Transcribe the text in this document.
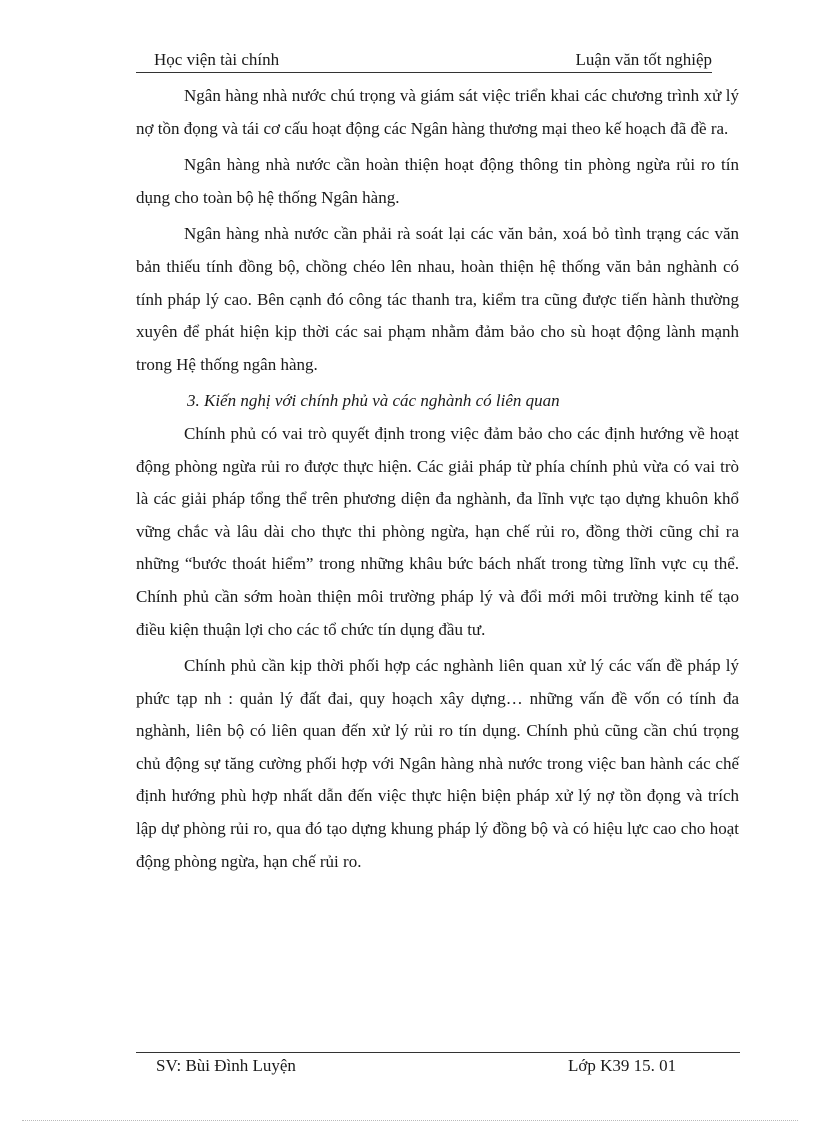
Học viện tài chính	Luận văn tốt nghiệp

Ngân hàng nhà nước chú trọng và giám sát việc triển khai các chương trình xử lý nợ tồn đọng và tái cơ cấu hoạt động các Ngân hàng thương mại theo kế hoạch đã đề ra.

Ngân hàng nhà nước cần hoàn thiện hoạt động thông tin phòng ngừa rủi ro tín dụng cho toàn bộ hệ thống Ngân hàng.

Ngân hàng nhà nước cần phải rà soát lại các văn bản, xoá bỏ tình trạng các văn bản thiếu tính đồng bộ, chồng chéo lên nhau, hoàn thiện hệ thống văn bản nghành có tính pháp lý cao. Bên cạnh đó công tác thanh tra, kiểm tra cũng được tiến hành thường xuyên để phát hiện kịp thời các sai phạm nhằm đảm bảo cho sù hoạt động lành mạnh trong Hệ thống ngân hàng.

3. Kiến nghị với chính phủ và các nghành có liên quan

Chính phủ có vai trò quyết định trong việc đảm bảo cho các định hướng về hoạt động phòng ngừa rủi ro được thực hiện. Các giải pháp từ phía chính phủ vừa có vai trò là các giải pháp tổng thể trên phương diện đa nghành, đa lĩnh vực tạo dựng khuôn khổ vững chắc và lâu dài cho thực thi phòng ngừa, hạn chế rủi ro, đồng thời cũng chỉ ra những “bước thoát hiểm” trong những khâu bức bách nhất trong từng lĩnh vực cụ thể. Chính phủ cần sớm hoàn thiện môi trường pháp lý và đổi mới môi trường kinh tế tạo điều kiện thuận lợi cho các tổ chức tín dụng đầu tư.

Chính phủ cần kịp thời phối hợp các nghành liên quan xử lý các vấn đề pháp lý phức tạp nh : quản lý đất đai, quy hoạch xây dựng… những vấn đề vốn có tính đa nghành, liên bộ có liên quan đến xử lý rủi ro tín dụng. Chính phủ cũng cần chú trọng chủ động sự tăng cường phối hợp với Ngân hàng nhà nước trong việc ban hành các chế định hướng phù hợp nhất dẫn đến việc thực hiện biện pháp xử lý nợ tồn đọng và trích lập dự phòng rủi ro, qua đó tạo dựng khung pháp lý đồng bộ và có hiệu lực cao cho hoạt động phòng ngừa, hạn chế rủi ro.

SV: Bùi Đình Luyện	Lớp K39 15. 01
